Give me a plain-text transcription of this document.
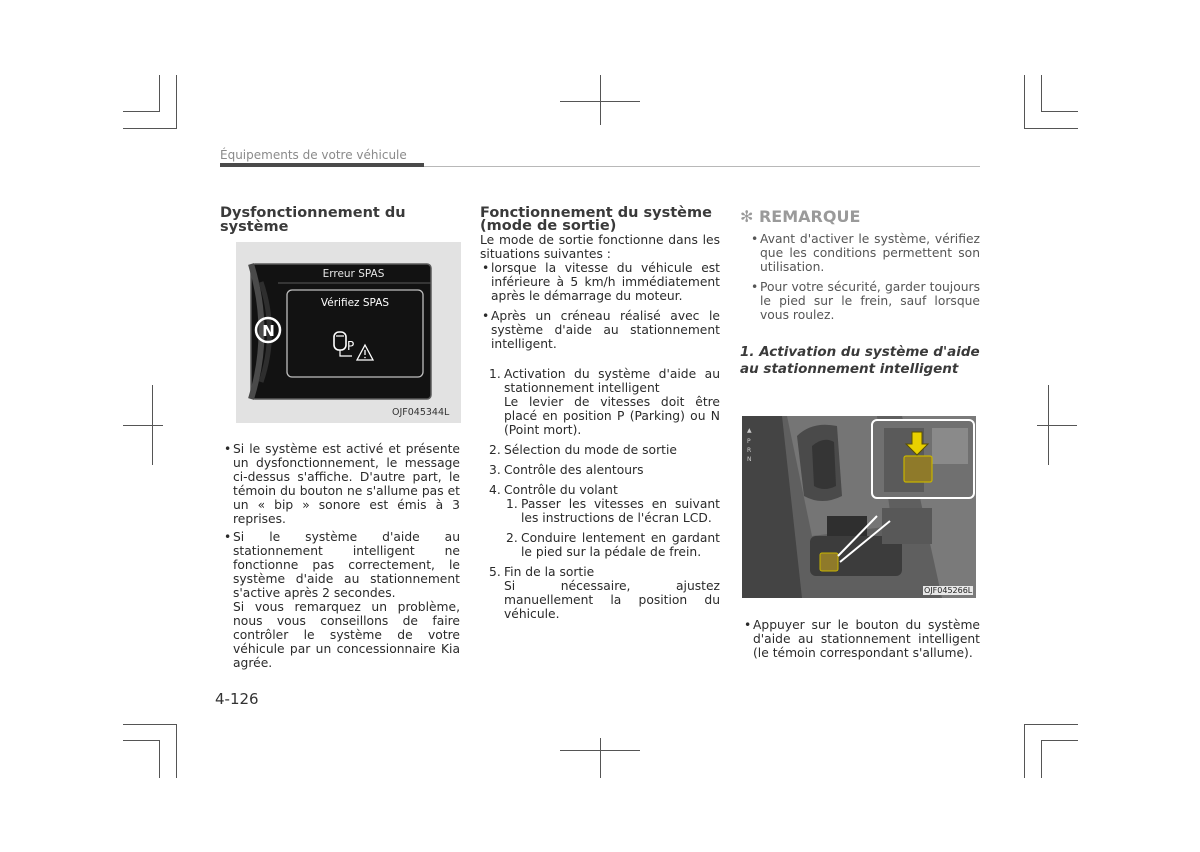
Équipements de votre véhicule
Dysfonctionnement du système
P
Erreur SPAS
Vérifiez SPAS
N
OJF045344L

• Si le système est activé et présente un dysfonctionnement, le message ci-dessus s'affiche. D'autre part, le témoin du bouton ne s'allume pas et un « bip » sonore est émis à 3 reprises.

• Si le système d'aide au stationnement intelligent ne fonctionne pas correctement, le système d'aide au stationnement s'active après 2 secondes.

Si vous remarquez un problème, nous vous conseillons de faire contrôler le système de votre véhicule par un concessionnaire Kia agrée.

Fonctionnement du système
(mode de sortie)

Le mode de sortie fonctionne dans les situations suivantes :

• lorsque la vitesse du véhicule est inférieure à 5 km/h immédiatement après le démarrage du moteur.

• Après un créneau réalisé avec le système d'aide au stationnement intelligent.

1. Activation du système d'aide au stationnement intelligent

Le levier de vitesses doit être placé en position P (Parking) ou N (Point mort).

2. Sélection du mode de sortie

3. Contrôle des alentours

4. Contrôle du volant

1. Passer les vitesses en suivant les instructions de l'écran LCD.

2. Conduire lentement en gardant le pied sur la pédale de frein.

5. Fin de la sortie

Si nécessaire, ajustez manuellement la position du véhicule.

✻ REMARQUE

• Avant d'activer le système, vérifiez que les conditions permettent son utilisation.

• Pour votre sécurité, garder toujours le pied sur le frein, sauf lorsque vous roulez.

1. Activation du système d'aide au stationnement intelligent
▲
P
R
N
OJF045266L

• Appuyer sur le bouton du système d'aide au stationnement intelligent (le témoin correspondant s'allume).

4-126
